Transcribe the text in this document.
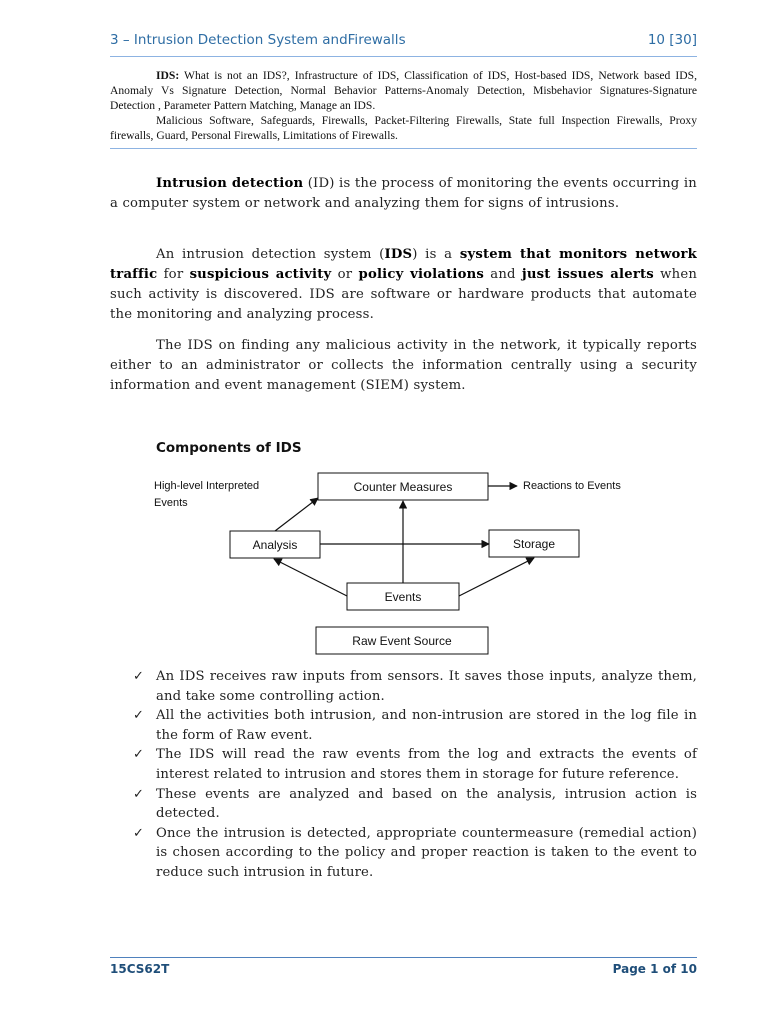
3 – Intrusion Detection System andFirewalls	10 [30]

IDS: What is not an IDS?, Infrastructure of IDS, Classification of IDS, Host-based IDS, Network based IDS, Anomaly Vs Signature Detection, Normal Behavior Patterns-Anomaly Detection, Misbehavior Signatures-Signature Detection , Parameter Pattern Matching, Manage an IDS.

Malicious Software, Safeguards, Firewalls, Packet-Filtering Firewalls, State full Inspection Firewalls, Proxy firewalls, Guard, Personal Firewalls, Limitations of Firewalls.

Intrusion detection (ID) is the process of monitoring the events occurring in a computer system or network and analyzing them for signs of intrusions.

An intrusion detection system (IDS) is a system that monitors network traffic for suspicious activity or policy violations and just issues alerts when such activity is discovered. IDS are software or hardware products that automate the monitoring and analyzing process.

The IDS on finding any malicious activity in the network, it typically reports either to an administrator or collects the information centrally using a security information and event management (SIEM) system.

Components of IDS
High-level Interpreted
Events
Counter Measures	Reactions to Events
Analysis	Storage
Events
Raw Event Source
✓ An IDS receives raw inputs from sensors. It saves those inputs, analyze them, and take some controlling action.
✓ All the activities both intrusion, and non-intrusion are stored in the log file in the form of Raw event.
✓ The IDS will read the raw events from the log and extracts the events of interest related to intrusion and stores them in storage for future reference.
✓ These events are analyzed and based on the analysis, intrusion action is detected.
✓ Once the intrusion is detected, appropriate countermeasure (remedial action) is chosen according to the policy and proper reaction is taken to the event to reduce such intrusion in future.
15CS62T	Page 1 of 10
